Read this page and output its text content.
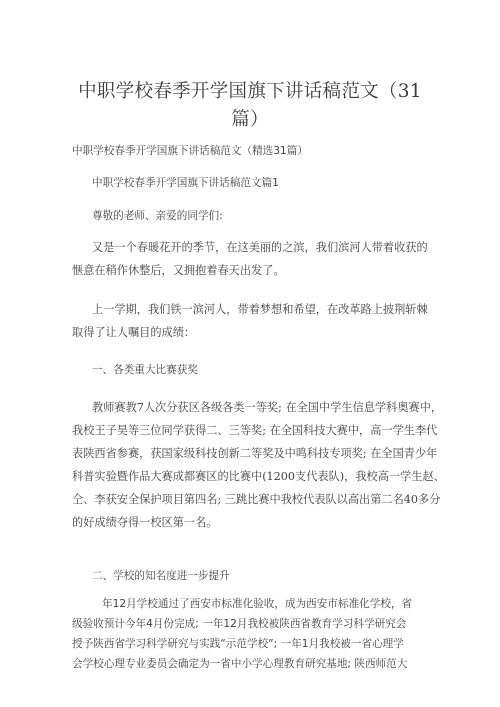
中职学校春季开学国旗下讲话稿范文（31
篇）
中职学校春季开学国旗下讲话稿范文（精选31篇）
中职学校春季开学国旗下讲话稿范文篇1
尊敬的老师、亲爱的同学们:
又是一个春暖花开的季节，在这美丽的之滨，我们滨河人带着收获的
惬意在稍作休整后，又拥抱着春天出发了。
上一学期，我们铁一滨河人，带着梦想和希望，在改革路上披荆斩棘
取得了让人嘱目的成绩：
一、各类重大比赛获奖
教师赛教7人次分获区各级各类一等奖; 在全国中学生信息学科奥赛中，
我校王子昊等三位同学获得二、三等奖; 在全国科技大赛中，高一学生李代
表陕西省参赛，获国家级科技创新二等奖及中鸣科技专项奖; 在全国青少年
科普实验暨作品大赛成都赛区的比赛中(1200支代表队)，我校高一学生赵、
仝、李获安全保护项目第四名; 三跳比赛中我校代表队以高出第二名40多分
的好成绩夺得一校区第一名。
二、学校的知名度进一步提升
年12月学校通过了西安市标准化验收，成为西安市标准化学校，省
级验收预计今年4月份完成; 一年12月我校被陕西省教育学习科学研究会
授予陕西省学习科学研究与实践“示范学校”; 一年1月我校被一省心理学
会学校心理专业委员会确定为一省中小学心理教育研究基地; 陕西师范大
